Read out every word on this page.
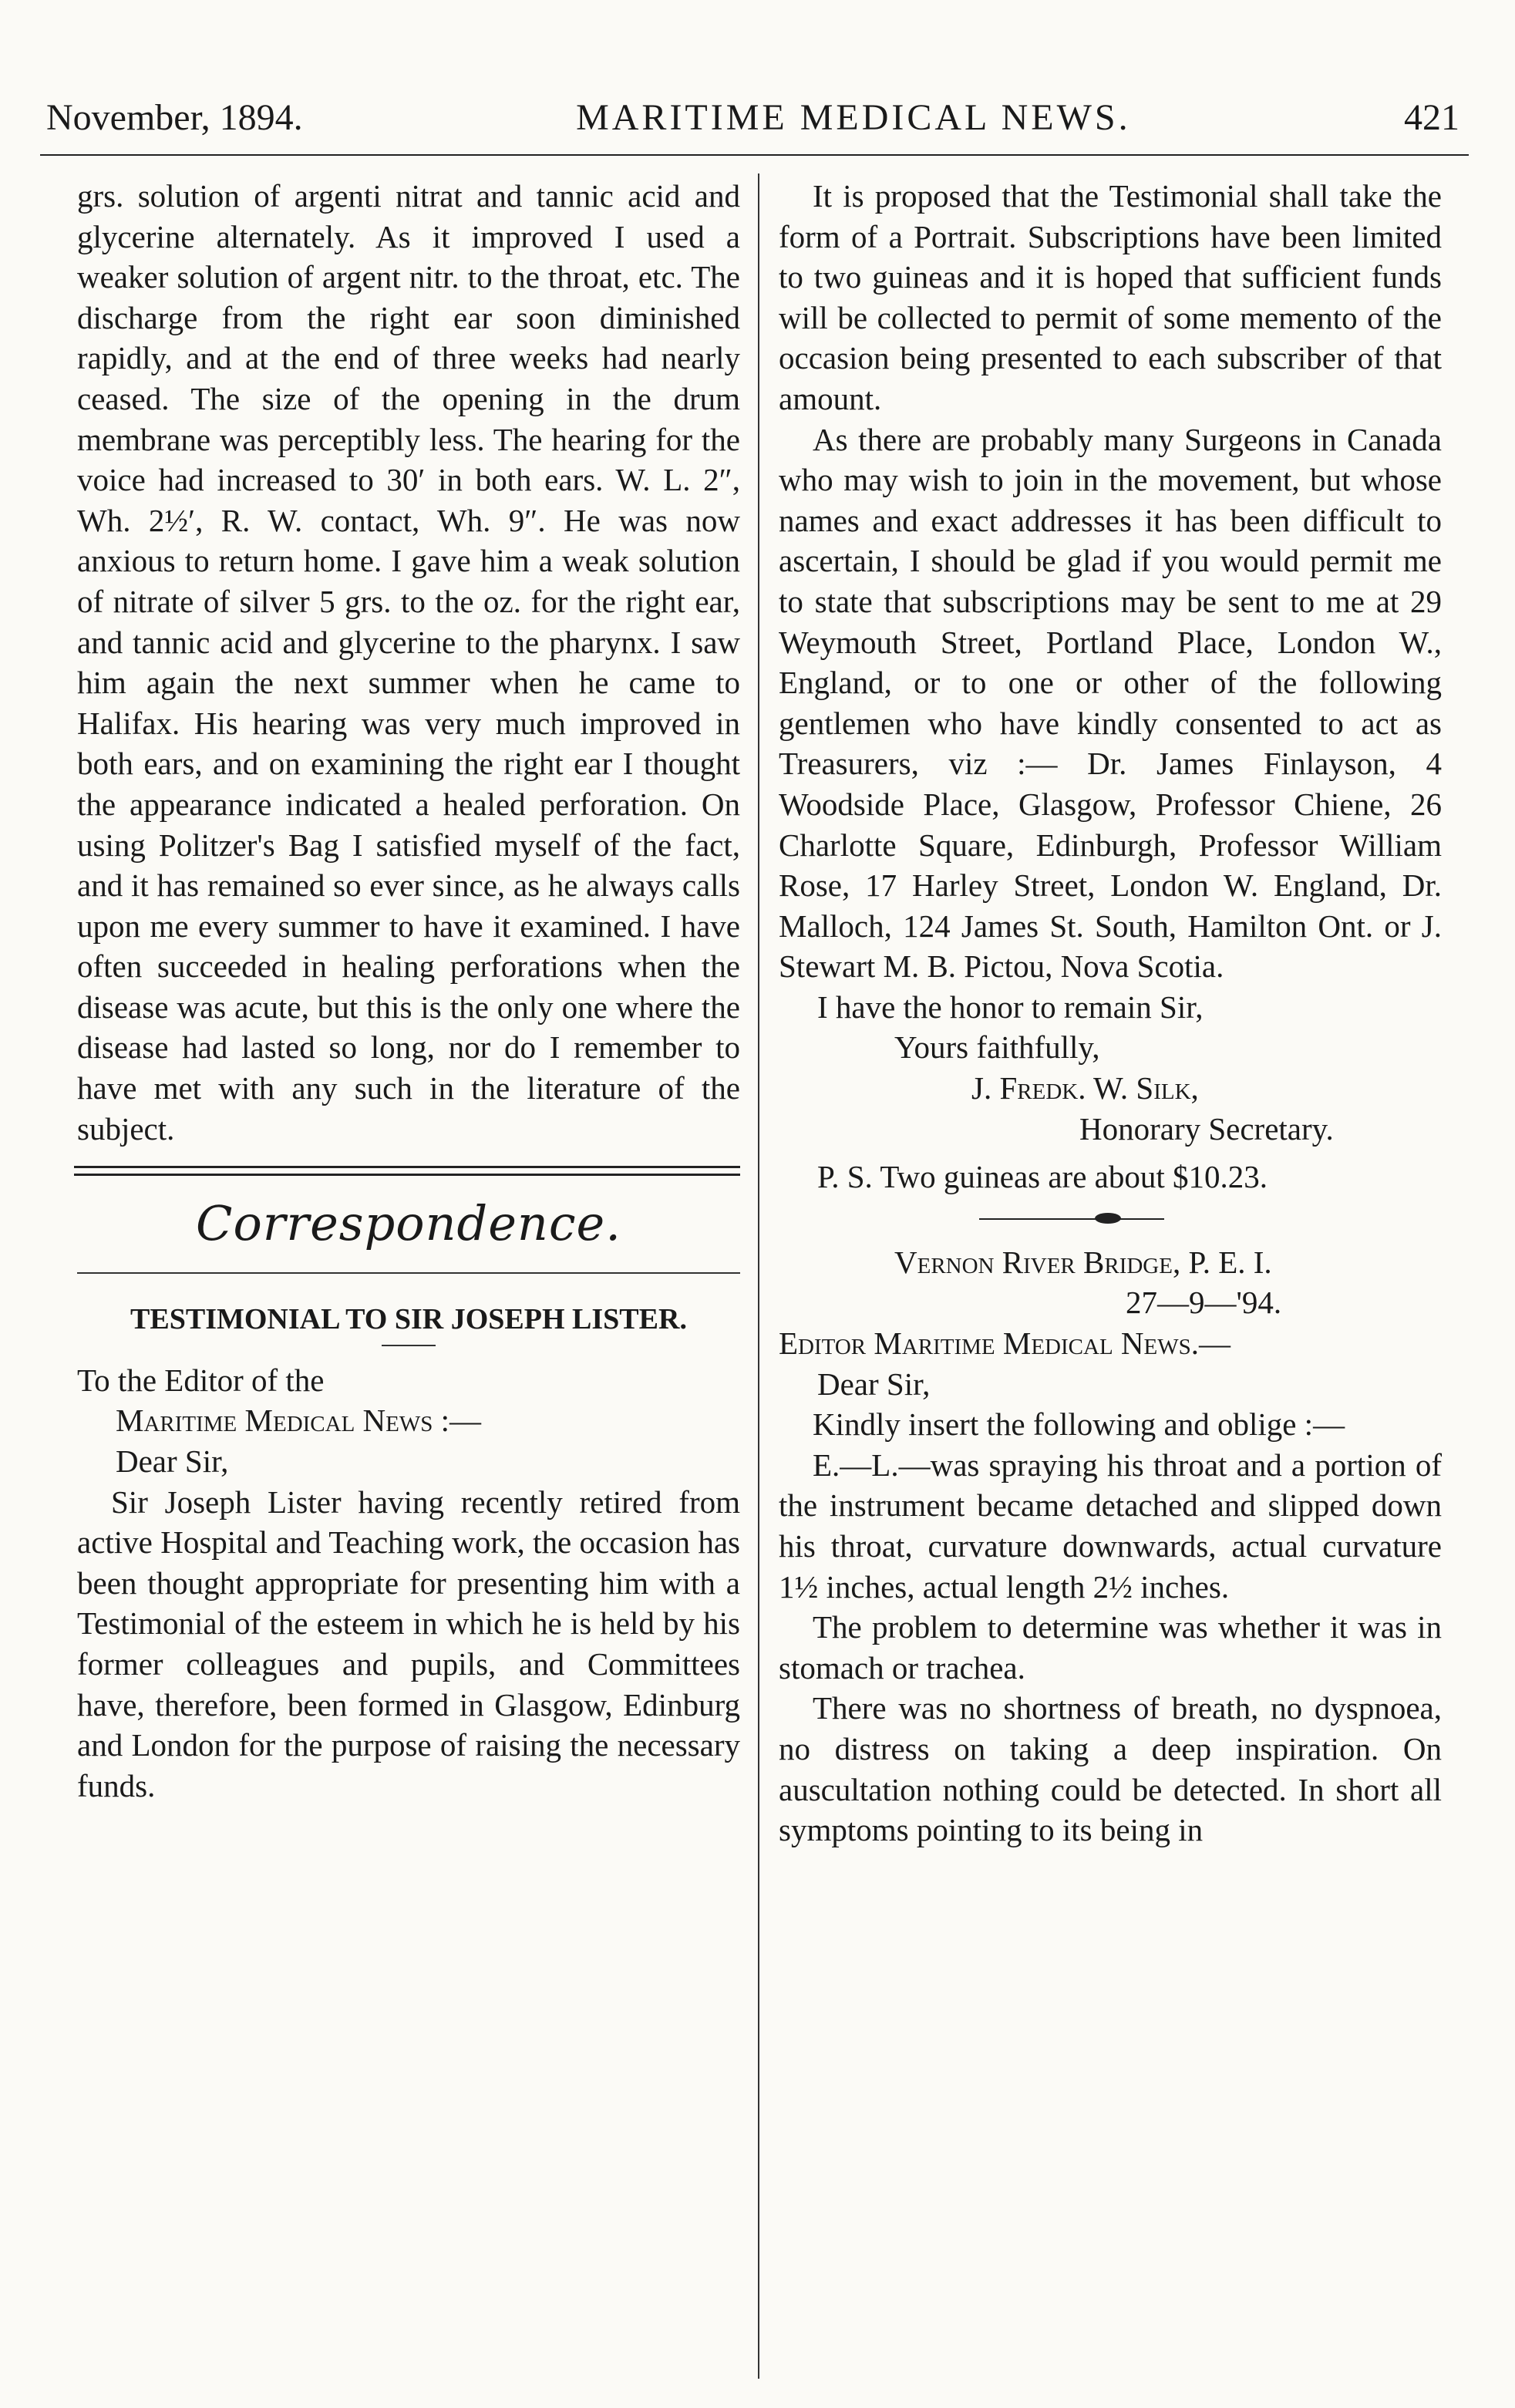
November, 1894.	MARITIME MEDICAL NEWS.	421

grs. solution of argenti nitrat and tannic acid and glycerine alternately. As it improved I used a weaker solution of argent nitr. to the throat, etc. The discharge from the right ear soon diminished rapidly, and at the end of three weeks had nearly ceased. The size of the opening in the drum membrane was perceptibly less. The hearing for the voice had increased to 30′ in both ears. W. L. 2″, Wh. 2½′, R. W. contact, Wh. 9″. He was now anxious to return home. I gave him a weak solution of nitrate of silver 5 grs. to the oz. for the right ear, and tannic acid and glycerine to the pharynx. I saw him again the next summer when he came to Halifax. His hearing was very much improved in both ears, and on examining the right ear I thought the appearance indicated a healed perforation. On using Politzer's Bag I satisfied myself of the fact, and it has remained so ever since, as he always calls upon me every summer to have it examined. I have often succeeded in healing perforations when the disease was acute, but this is the only one where the disease had lasted so long, nor do I remember to have met with any such in the literature of the subject.

Correspondence.
TESTIMONIAL TO SIR JOSEPH LISTER.

To the Editor of the

Maritime Medical News :—

Dear Sir,

Sir Joseph Lister having recently retired from active Hospital and Teaching work, the occasion has been thought appropriate for presenting him with a Testimonial of the esteem in which he is held by his former colleagues and pupils, and Committees have, therefore, been formed in Glasgow, Edinburg and London for the purpose of raising the necessary funds.

It is proposed that the Testimonial shall take the form of a Portrait. Subscriptions have been limited to two guineas and it is hoped that sufficient funds will be collected to permit of some memento of the occasion being presented to each subscriber of that amount.

As there are probably many Surgeons in Canada who may wish to join in the movement, but whose names and exact addresses it has been difficult to ascertain, I should be glad if you would permit me to state that subscriptions may be sent to me at 29 Weymouth Street, Portland Place, London W., England, or to one or other of the following gentlemen who have kindly consented to act as Treasurers, viz :— Dr. James Finlayson, 4 Woodside Place, Glasgow, Professor Chiene, 26 Charlotte Square, Edinburgh, Professor William Rose, 17 Harley Street, London W. England, Dr. Malloch, 124 James St. South, Hamilton Ont. or J. Stewart M. B. Pictou, Nova Scotia.

I have the honor to remain Sir,

Yours faithfully,

J. Fredk. W. Silk,

Honorary Secretary.

P. S. Two guineas are about $10.23.

Vernon River Bridge, P. E. I.

27—9—'94.

Editor Maritime Medical News.—

Dear Sir,

Kindly insert the following and oblige :—

E.—L.—was spraying his throat and a portion of the instrument became detached and slipped down his throat, curvature downwards, actual curvature 1½ inches, actual length 2½ inches.

The problem to determine was whether it was in stomach or trachea.

There was no shortness of breath, no dyspnoea, no distress on taking a deep inspiration. On auscultation nothing could be detected. In short all symptoms pointing to its being in
